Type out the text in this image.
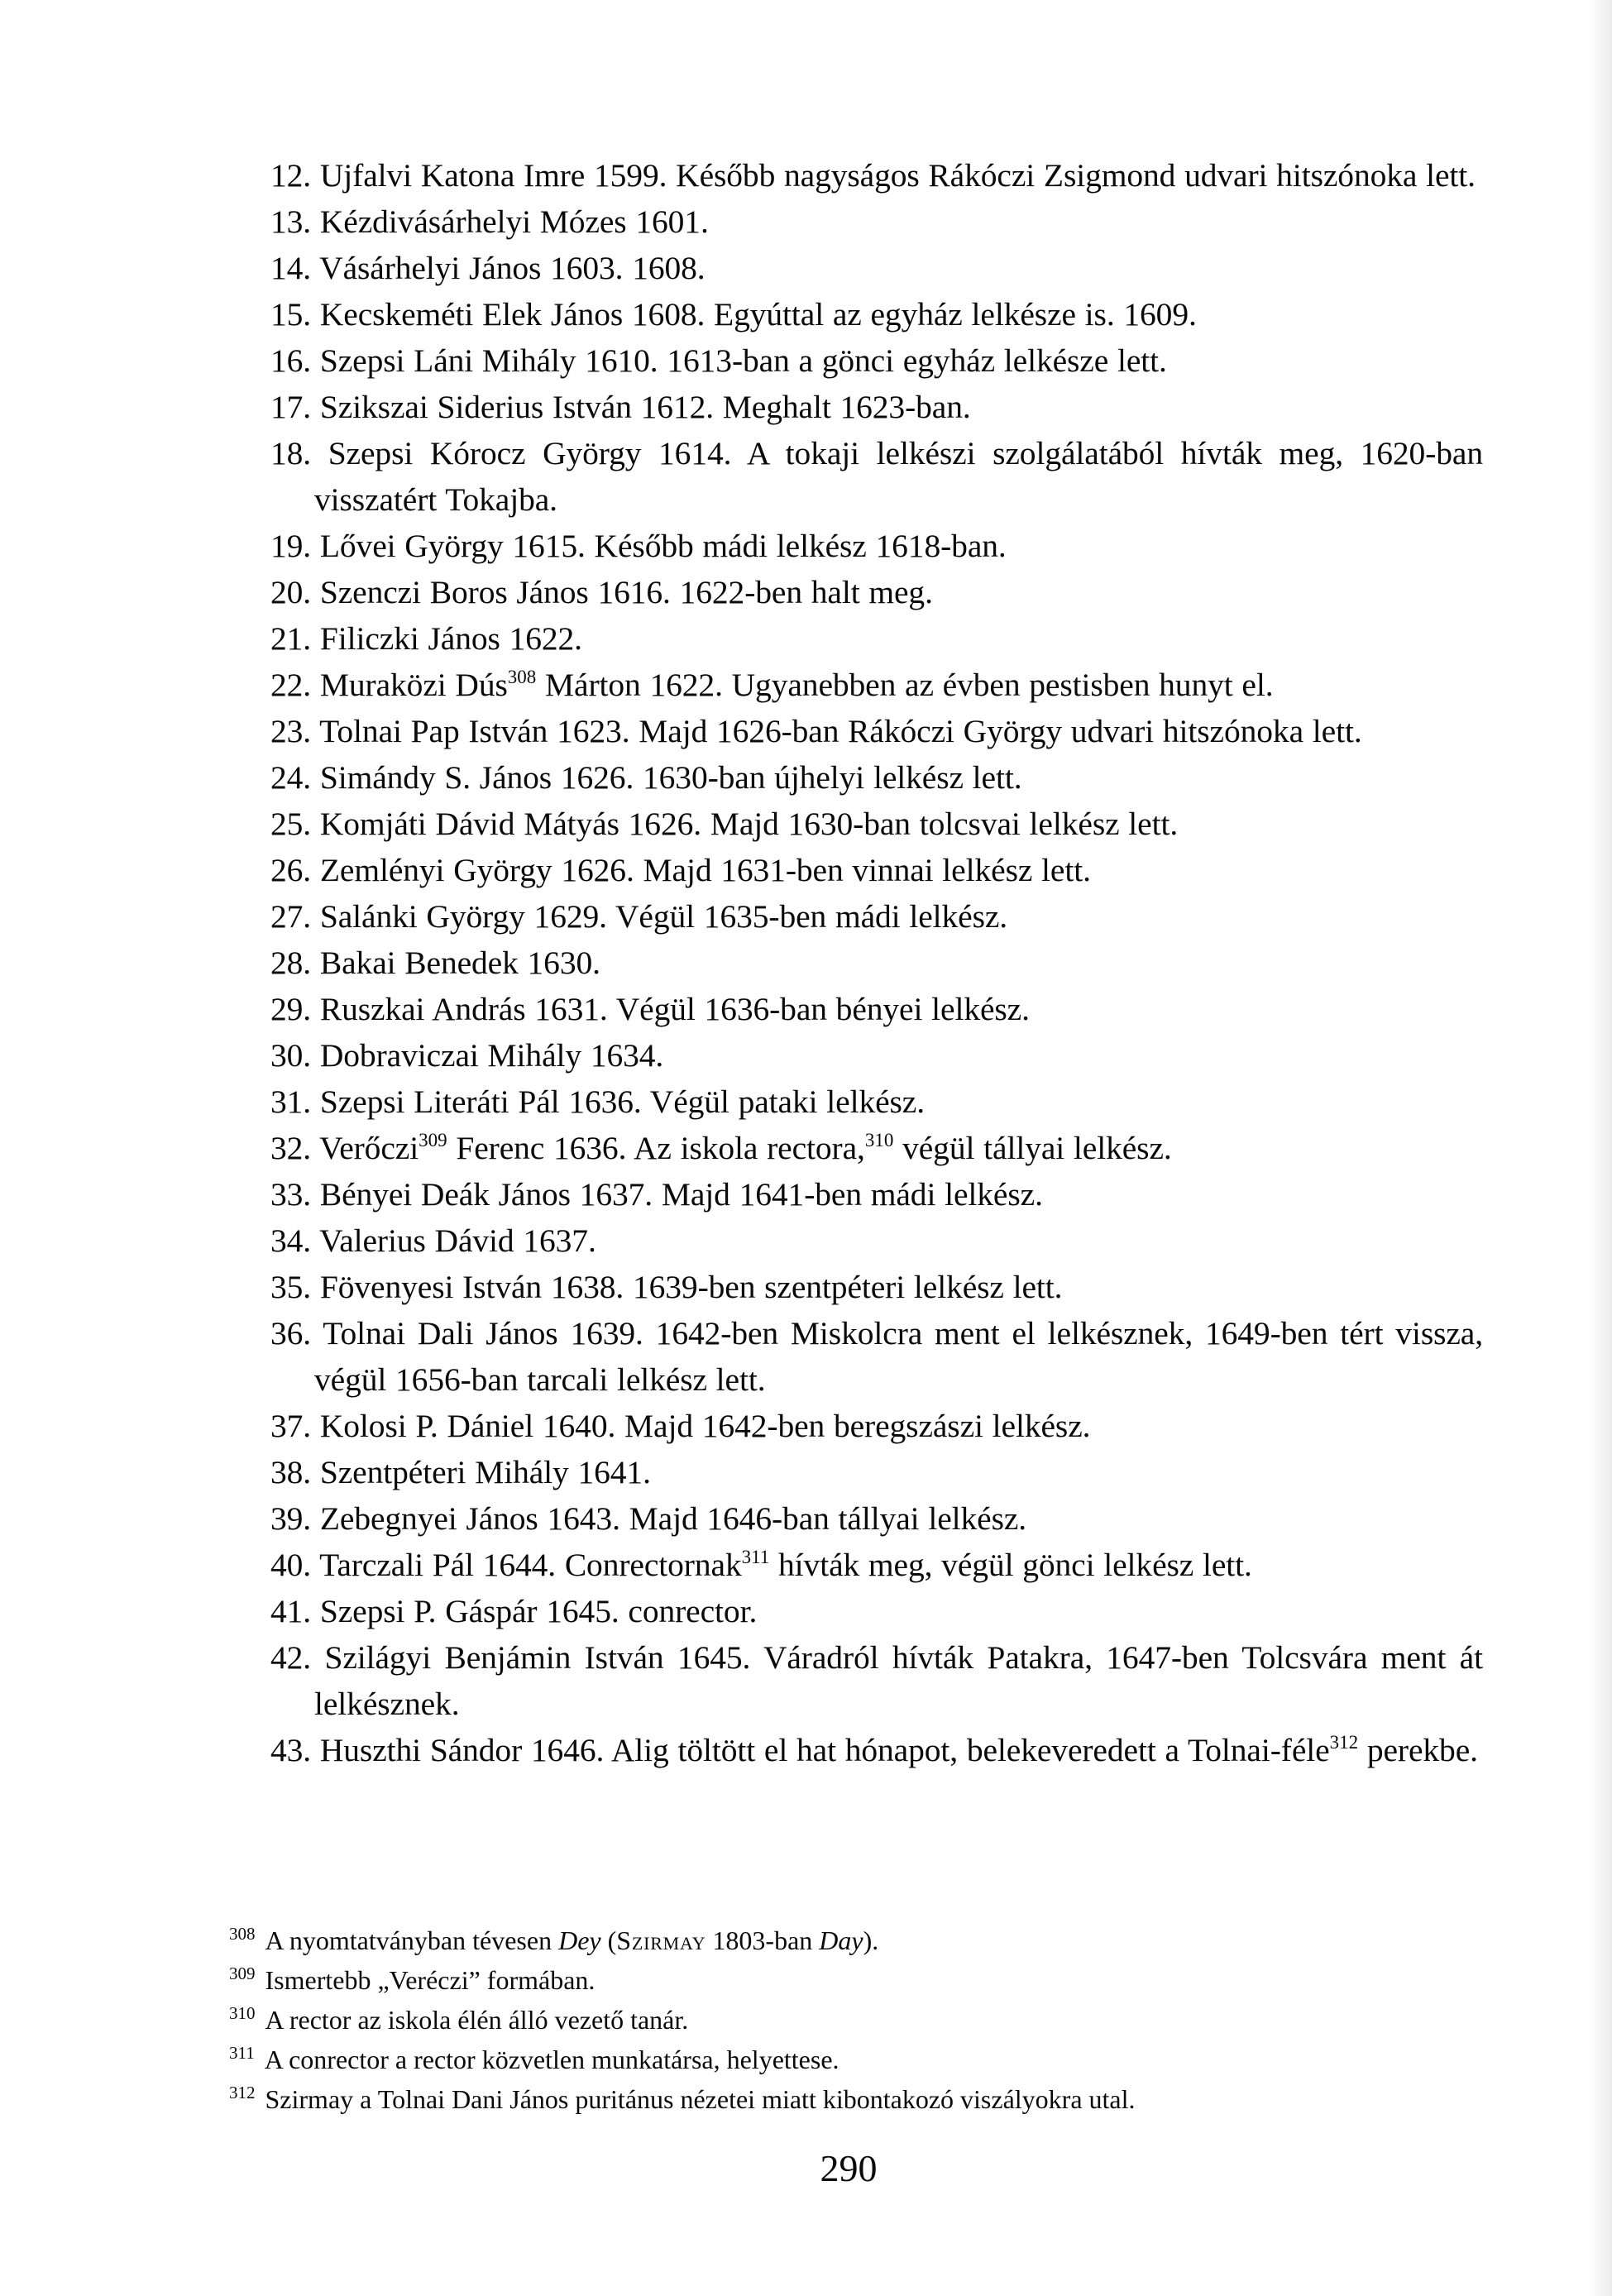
12. Ujfalvi Katona Imre 1599. Később nagyságos Rákóczi Zsigmond udvari hitszónoka lett.

13. Kézdivásárhelyi Mózes 1601.

14. Vásárhelyi János 1603. 1608.

15. Kecskeméti Elek János 1608. Egyúttal az egyház lelkésze is. 1609.

16. Szepsi Láni Mihály 1610. 1613-ban a gönci egyház lelkésze lett.

17. Szikszai Siderius István 1612. Meghalt 1623-ban.

18. Szepsi Kórocz György 1614. A tokaji lelkészi szolgálatából hívták meg, 1620-ban visszatért Tokajba.

19. Lővei György 1615. Később mádi lelkész 1618-ban.

20. Szenczi Boros János 1616. 1622-ben halt meg.

21. Filiczki János 1622.

22. Muraközi Dús$^{308}$ Márton 1622. Ugyanebben az évben pestisben hunyt el.

23. Tolnai Pap István 1623. Majd 1626-ban Rákóczi György udvari hitszónoka lett.

24. Simándy S. János 1626. 1630-ban újhelyi lelkész lett.

25. Komjáti Dávid Mátyás 1626. Majd 1630-ban tolcsvai lelkész lett.

26. Zemlényi György 1626. Majd 1631-ben vinnai lelkész lett.

27. Salánki György 1629. Végül 1635-ben mádi lelkész.

28. Bakai Benedek 1630.

29. Ruszkai András 1631. Végül 1636-ban bényei lelkész.

30. Dobraviczai Mihály 1634.

31. Szepsi Literáti Pál 1636. Végül pataki lelkész.

32. Verőczi$^{309}$ Ferenc 1636. Az iskola rectora,$^{310}$ végül tállyai lelkész.

33. Bényei Deák János 1637. Majd 1641-ben mádi lelkész.

34. Valerius Dávid 1637.

35. Fövenyesi István 1638. 1639-ben szentpéteri lelkész lett.

36. Tolnai Dali János 1639. 1642-ben Miskolcra ment el lelkésznek, 1649-ben tért vissza, végül 1656-ban tarcali lelkész lett.

37. Kolosi P. Dániel 1640. Majd 1642-ben beregszászi lelkész.

38. Szentpéteri Mihály 1641.

39. Zebegnyei János 1643. Majd 1646-ban tállyai lelkész.

40. Tarczali Pál 1644. Conrectornak$^{311}$ hívták meg, végül gönci lelkész lett.

41. Szepsi P. Gáspár 1645. conrector.

42. Szilágyi Benjámin István 1645. Váradról hívták Patakra, 1647-ben Tolcsvára ment át lelkésznek.

43. Huszthi Sándor 1646. Alig töltött el hat hónapot, belekeveredett a Tolnai-féle$^{312}$ perekbe.

$^{308}$ A nyomtatványban tévesen Dey (Szirmay 1803-ban Day).

$^{309}$ Ismertebb „Veréczi” formában.

$^{310}$ A rector az iskola élén álló vezető tanár.

$^{311}$ A conrector a rector közvetlen munkatársa, helyettese.

$^{312}$ Szirmay a Tolnai Dani János puritánus nézetei miatt kibontakozó viszályokra utal.

290
